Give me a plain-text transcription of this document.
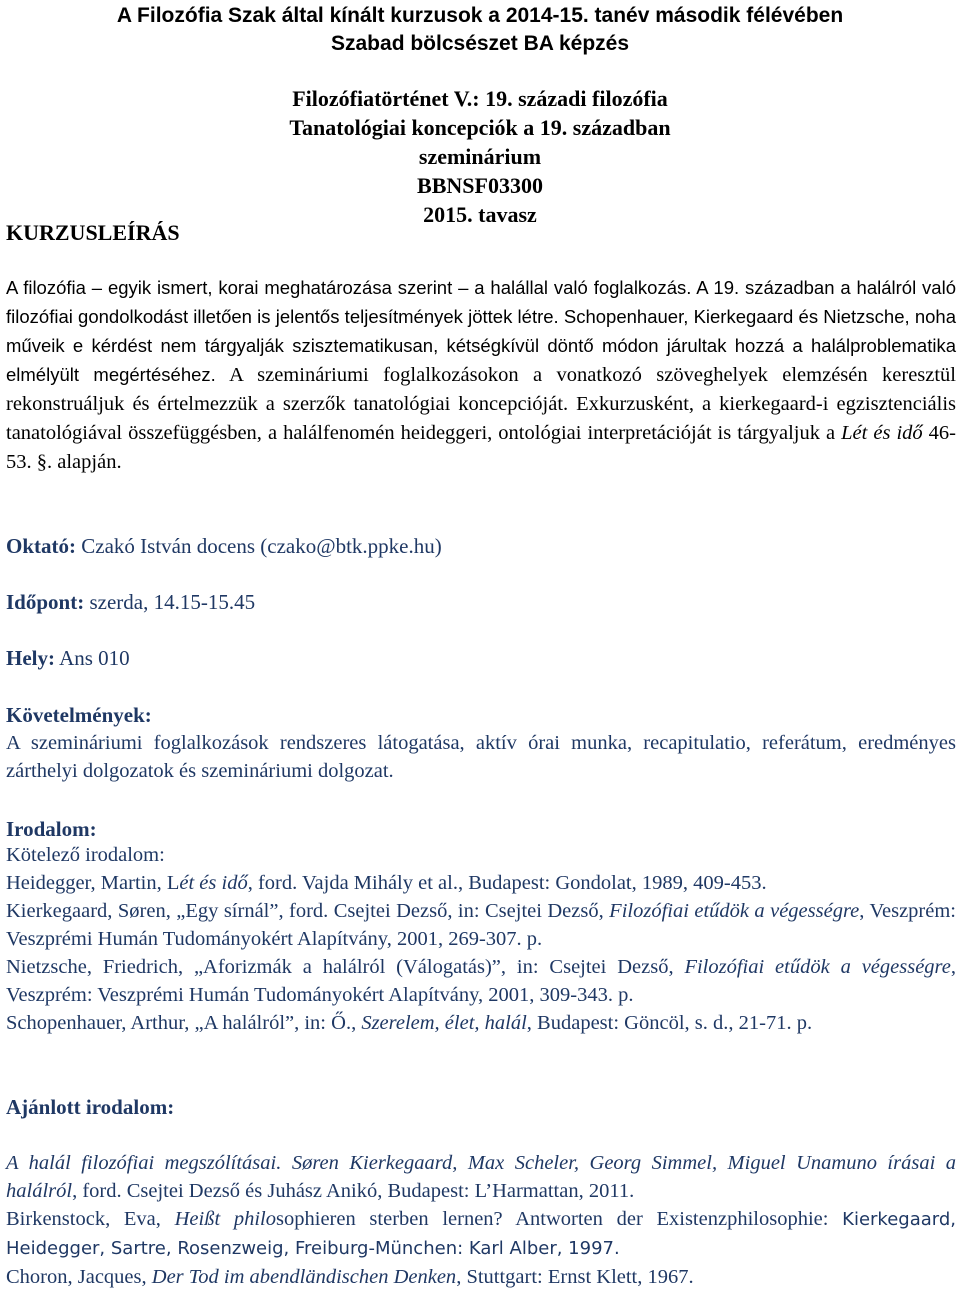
A Filozófia Szak által kínált kurzusok a 2014-15. tanév második félévében
Szabad bölcsészet BA képzés
Filozófiatörténet V.: 19. századi filozófia
Tanatológiai koncepciók a 19. században
szeminárium
BBNSF03300
2015. tavasz
KURZUSLEÍRÁS
A filozófia – egyik ismert, korai meghatározása szerint – a halállal való foglalkozás. A 19. században a halálról való filozófiai gondolkodást illetően is jelentős teljesítmények jöttek létre. Schopenhauer, Kierkegaard és Nietzsche, noha műveik e kérdést nem tárgyalják szisztematikusan, kétségkívül döntő módon járultak hozzá a halálproblematika elmélyült megértéséhez. A szemináriumi foglalkozásokon a vonatkozó szöveghelyek elemzésén keresztül rekonstruáljuk és értelmezzük a szerzők tanatológiai koncepcióját. Exkurzusként, a kierkegaard-i egzisztenciális tanatológiával összefüggésben, a halálfenomén heideggeri, ontológiai interpretációját is tárgyaljuk a Lét és idő 46-53. §. alapján.
Oktató: Czakó István docens (czako@btk.ppke.hu)
Időpont: szerda, 14.15-15.45
Hely: Ans 010
Követelmények:
A szemináriumi foglalkozások rendszeres látogatása, aktív órai munka, recapitulatio, referátum, eredményes zárthelyi dolgozatok és szemináriumi dolgozat.
Irodalom:

Kötelező irodalom:

Heidegger, Martin, Lét és idő, ford. Vajda Mihály et al., Budapest: Gondolat, 1989, 409-453.

Kierkegaard, Søren, „Egy sírnál”, ford. Csejtei Dezső, in: Csejtei Dezső, Filozófiai etűdök a végességre, Veszprém: Veszprémi Humán Tudományokért Alapítvány, 2001, 269-307. p.

Nietzsche, Friedrich, „Aforizmák a halálról (Válogatás)”, in: Csejtei Dezső, Filozófiai etűdök a végességre, Veszprém: Veszprémi Humán Tudományokért Alapítvány, 2001, 309-343. p.

Schopenhauer, Arthur, „A halálról”, in: Ő., Szerelem, élet, halál, Budapest: Göncöl, s. d., 21-71. p.

Ajánlott irodalom:

A halál filozófiai megszólításai. Søren Kierkegaard, Max Scheler, Georg Simmel, Miguel Unamuno írásai a halálról, ford. Csejtei Dezső és Juhász Anikó, Budapest: L’Harmattan, 2011.

Birkenstock, Eva, Heißt philosophieren sterben lernen? Antworten der Existenzphilosophie: Kierkegaard, Heidegger, Sartre, Rosenzweig, Freiburg-München: Karl Alber, 1997.

Choron, Jacques, Der Tod im abendländischen Denken, Stuttgart: Ernst Klett, 1967.
